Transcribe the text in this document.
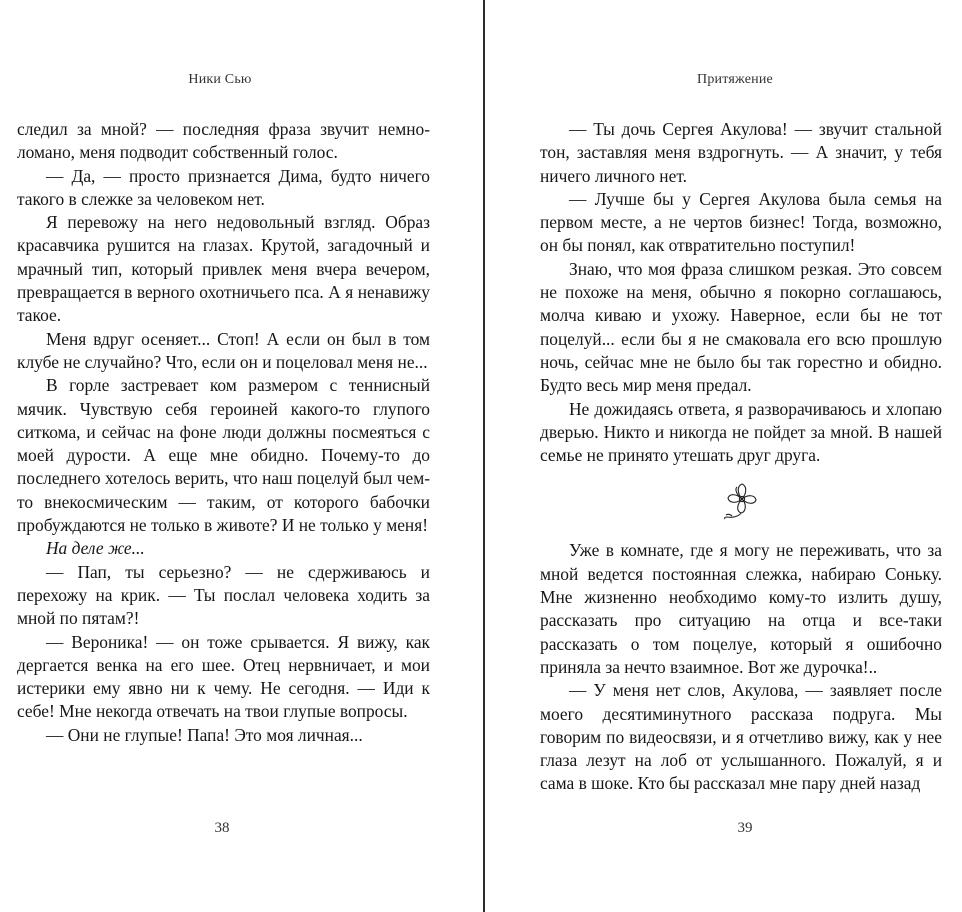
Ники Сью

следил за мной? — последняя фраза звучит немно-ломано, меня подводит собственный голос.

— Да, — просто признается Дима, будто ничего такого в слежке за человеком нет.

Я перевожу на него недовольный взгляд. Образ красавчика рушится на глазах. Крутой, загадочный и мрачный тип, который привлек меня вчера вечером, превращается в верного охотничьего пса. А я ненавижу такое.

Меня вдруг осеняет... Стоп! А если он был в том клубе не случайно? Что, если он и поцеловал меня не...

В горле застревает ком размером с теннисный мячик. Чувствую себя героиней какого-то глупого ситкома, и сейчас на фоне люди должны посмеяться с моей дурости. А еще мне обидно. Почему-то до последнего хотелось верить, что наш поцелуй был чем-то внекосмическим — таким, от которого бабочки пробуждаются не только в животе? И не только у меня!

На деле же...

— Пап, ты серьезно? — не сдерживаюсь и перехожу на крик. — Ты послал человека ходить за мной по пятам?!

— Вероника! — он тоже срывается. Я вижу, как дергается венка на его шее. Отец нервничает, и мои истерики ему явно ни к чему. Не сегодня. — Иди к себе! Мне некогда отвечать на твои глупые вопросы.

— Они не глупые! Папа! Это моя личная...

38
Притяжение

— Ты дочь Сергея Акулова! — звучит стальной тон, заставляя меня вздрогнуть. — А значит, у тебя ничего личного нет.

— Лучше бы у Сергея Акулова была семья на первом месте, а не чертов бизнес! Тогда, возможно, он бы понял, как отвратительно поступил!

Знаю, что моя фраза слишком резкая. Это совсем не похоже на меня, обычно я покорно соглашаюсь, молча киваю и ухожу. Наверное, если бы не тот поцелуй... если бы я не смаковала его всю прошлую ночь, сейчас мне не было бы так горестно и обидно. Будто весь мир меня предал.

Не дожидаясь ответа, я разворачиваюсь и хлопаю дверью. Никто и никогда не пойдет за мной. В нашей семье не принято утешать друг друга.

Уже в комнате, где я могу не переживать, что за мной ведется постоянная слежка, набираю Соньку. Мне жизненно необходимо кому-то излить душу, рассказать про ситуацию на отца и все-таки рассказать о том поцелуе, который я ошибочно приняла за нечто взаимное. Вот же дурочка!..

— У меня нет слов, Акулова, — заявляет после моего десятиминутного рассказа подруга. Мы говорим по видеосвязи, и я отчетливо вижу, как у нее глаза лезут на лоб от услышанного. Пожалуй, я и сама в шоке. Кто бы рассказал мне пару дней назад

39
